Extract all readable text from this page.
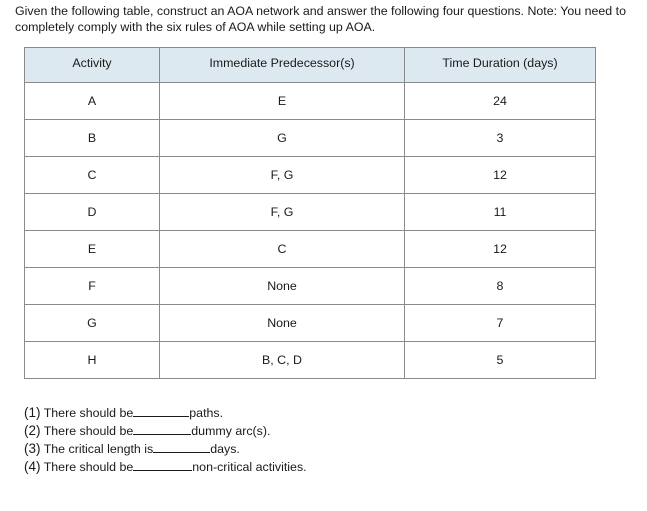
Given the following table, construct an AOA network and answer the following four questions. Note: You need to completely comply with the six rules of AOA while setting up AOA.

Activity	Immediate Predecessor(s)	Time Duration (days)
A	E	24
B	G	3
C	F, G	12
D	F, G	11
E	C	12
F	None	8
G	None	7
H	B, C, D	5
(1) There should be	paths.
(2) There should be	dummy arc(s).
(3) The critical length is	days.
(4) There should be	non-critical activities.
